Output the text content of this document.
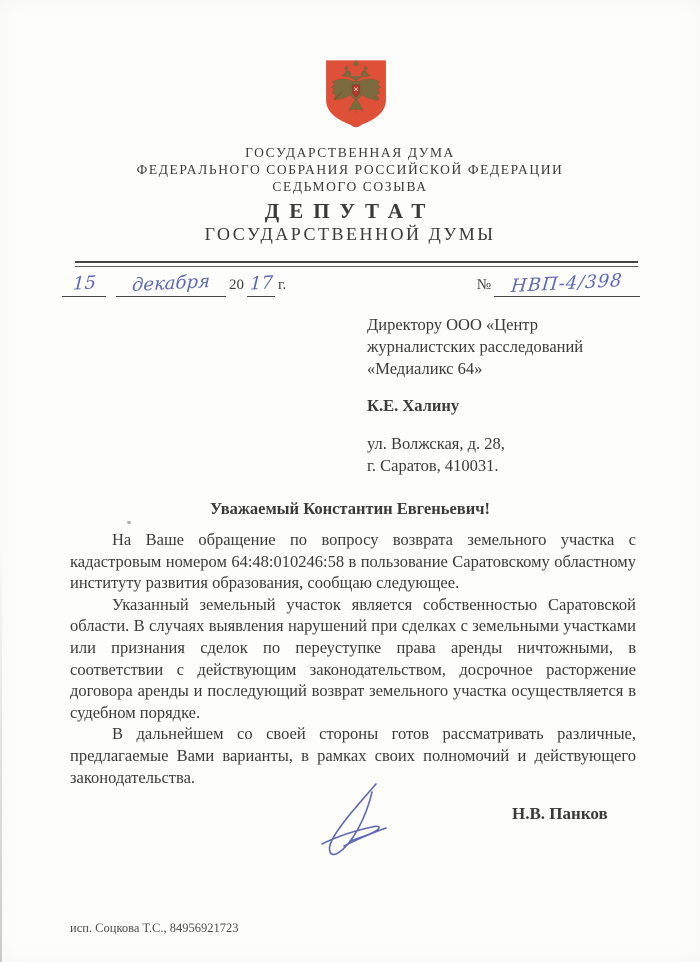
ГОСУДАРСТВЕННАЯ ДУМА
ФЕДЕРАЛЬНОГО СОБРАНИЯ РОССИЙСКОЙ ФЕДЕРАЦИИ
СЕДЬМОГО СОЗЫВА
ДЕПУТАТ
ГОСУДАРСТВЕННОЙ ДУМЫ
15	декабря	20 17 г.	№	НВП-4/398
Директору ООО «Центр
журналистских расследований
«Медиаликс 64»
К.Е. Халину
ул. Волжская, д. 28,
г. Саратов, 410031.
Уважаемый Константин Евгеньевич!

На Ваше обращение по вопросу возврата земельного участка с кадастровым номером 64:48:010246:58 в пользование Саратовскому областному институту развития образования, сообщаю следующее.

Указанный земельный участок является собственностью Саратовской области. В случаях выявления нарушений при сделках с земельными участками или признания сделок по переуступке права аренды ничтожными, в соответствии с действующим законодательством, досрочное расторжение договора аренды и последующий возврат земельного участка осуществляется в судебном порядке.

В дальнейшем со своей стороны готов рассматривать различные, предлагаемые Вами варианты, в рамках своих полномочий и действующего законодательства.

Н.В. Панков
исп. Соцкова Т.С., 84956921723
